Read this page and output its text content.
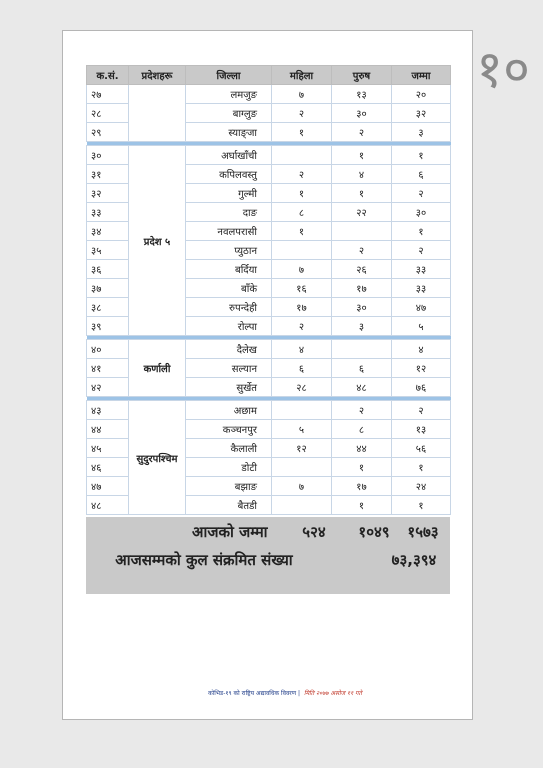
१०
क.सं.	प्रदेशहरू	जिल्ला	महिला	पुरुष	जम्मा
२७		लमजुङ	७	१३	२०
२८		बाग्लुङ	२	३०	३२
२९		स्याङ्जा	१	२	३

३०	प्रदेश ५	अर्घाखाँची		१	१
३१		कपिलवस्तु	२	४	६
३२		गुल्मी	१	१	२
३३		दाङ	८	२२	३०
३४		नवलपरासी	१		१
३५		प्युठान		२	२
३६		बर्दिया	७	२६	३३
३७		बाँके	१६	१७	३३
३८		रुपन्देही	१७	३०	४७
३९		रोल्पा	२	३	५

४०	कर्णाली	दैलेख	४		४
४१		सल्यान	६	६	१२
४२		सुर्खेत	२८	४८	७६

४३	सुदुरपश्चिम	अछाम		२	२
४४		कञ्चनपुर	५	८	१३
४५		कैलाली	१२	४४	५६
४६		डोटी		१	१
४७		बझाङ	७	१७	२४
४८		बैतडी		१	१
आजको जम्मा	५२४	१०४९	१५७३
आजसम्मको कुल संक्रमित संख्या	७३,३९४
कोभिड-१९ को राष्ट्रिय अद्यावधिक विवरण | मिति २०७७ असोज ११ गते
